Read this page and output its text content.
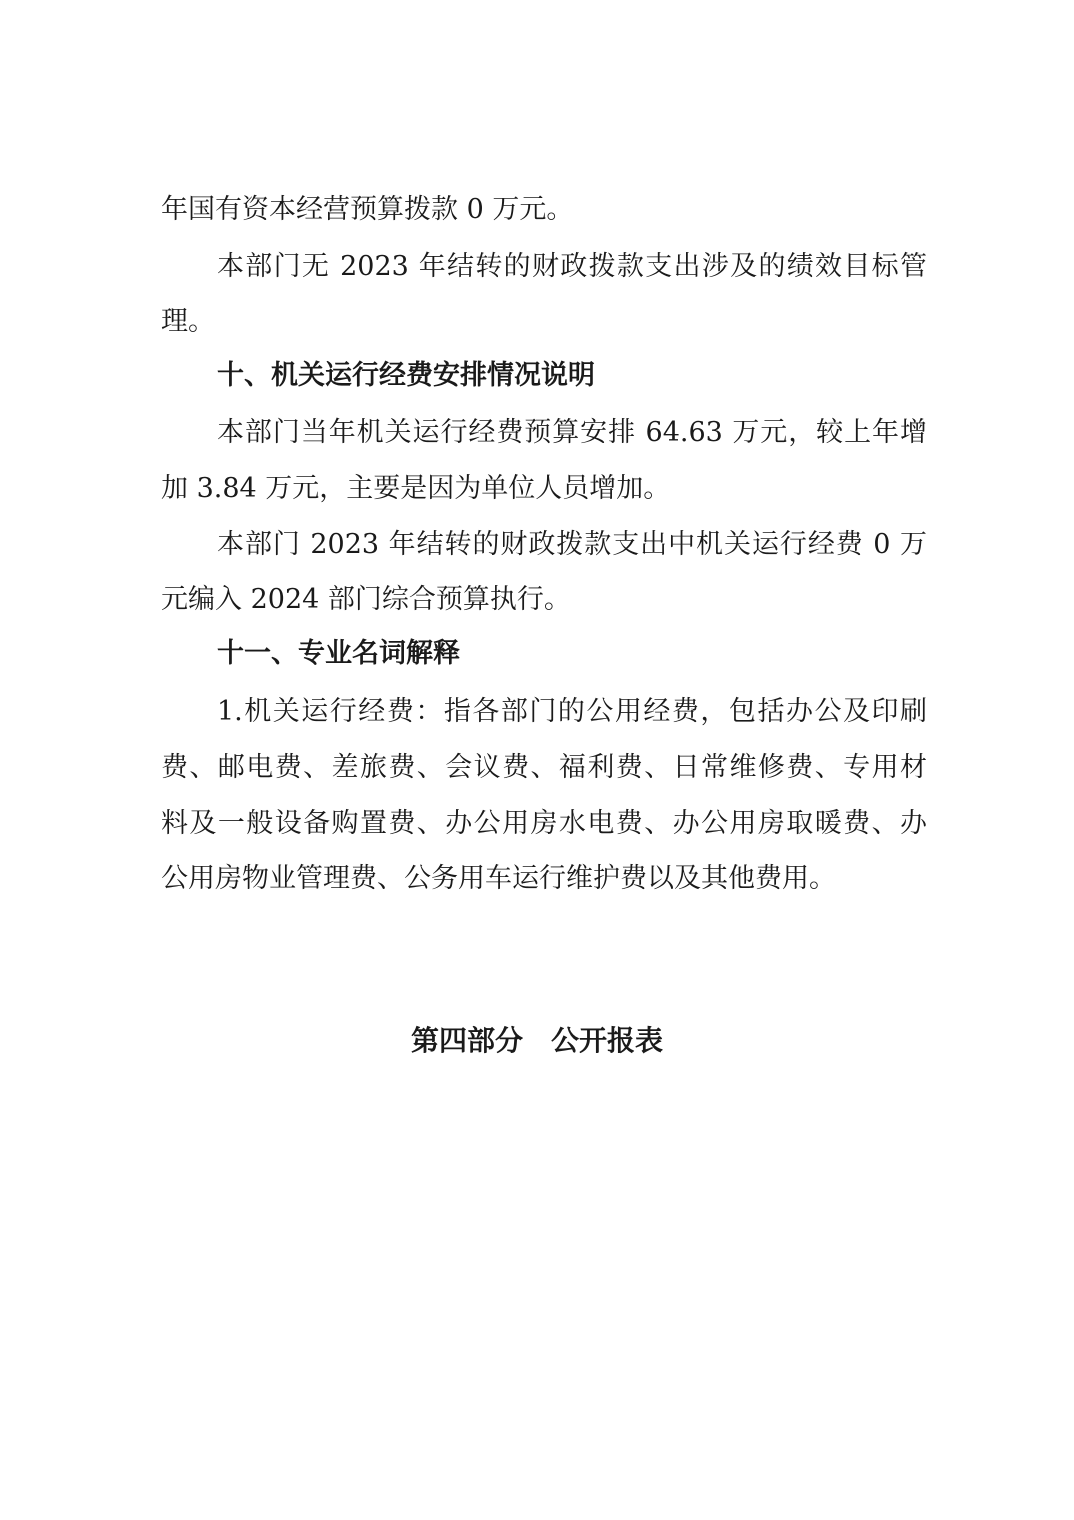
年国有资本经营预算拨款 0 万元。
本部门无 2023 年结转的财政拨款支出涉及的绩效目标管
理。
十、机关运行经费安排情况说明
本部门当年机关运行经费预算安排 64.63 万元，较上年增
加 3.84 万元，主要是因为单位人员增加。
本部门 2023 年结转的财政拨款支出中机关运行经费 0 万
元编入 2024 部门综合预算执行。
十一、专业名词解释
1.机关运行经费：指各部门的公用经费，包括办公及印刷
费、邮电费、差旅费、会议费、福利费、日常维修费、专用材
料及一般设备购置费、办公用房水电费、办公用房取暖费、办
公用房物业管理费、公务用车运行维护费以及其他费用。
第四部分　公开报表
